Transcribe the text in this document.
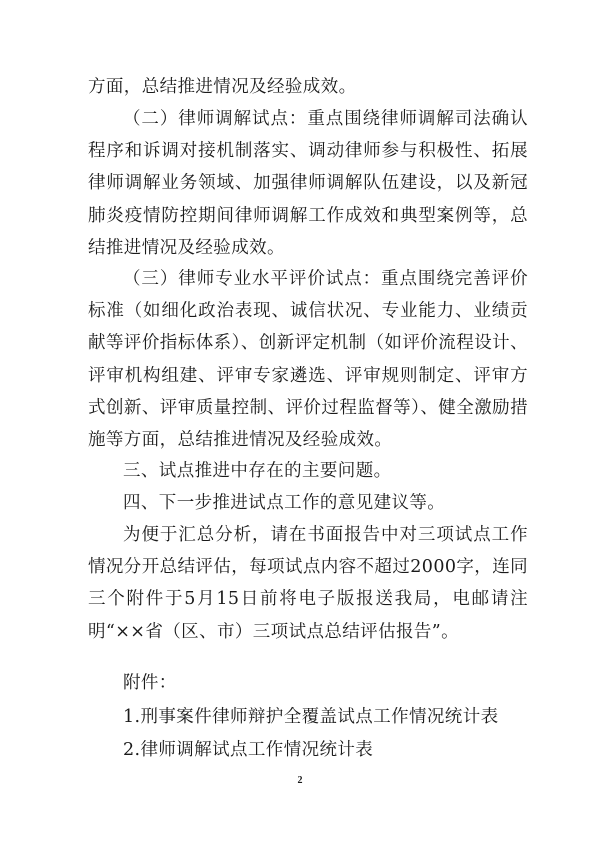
方面，总结推进情况及经验成效。

（二）律师调解试点：重点围绕律师调解司法确认程序和诉调对接机制落实、调动律师参与积极性、拓展律师调解业务领域、加强律师调解队伍建设，以及新冠肺炎疫情防控期间律师调解工作成效和典型案例等，总结推进情况及经验成效。

（三）律师专业水平评价试点：重点围绕完善评价标准（如细化政治表现、诚信状况、专业能力、业绩贡献等评价指标体系）、创新评定机制（如评价流程设计、评审机构组建、评审专家遴选、评审规则制定、评审方式创新、评审质量控制、评价过程监督等）、健全激励措施等方面，总结推进情况及经验成效。

三、试点推进中存在的主要问题。

四、下一步推进试点工作的意见建议等。

为便于汇总分析，请在书面报告中对三项试点工作情况分开总结评估，每项试点内容不超过2000字，连同三个附件于5月15日前将电子版报送我局，电邮请注明“××省（区、市）三项试点总结评估报告”。

附件：

1.刑事案件律师辩护全覆盖试点工作情况统计表

2.律师调解试点工作情况统计表

2
